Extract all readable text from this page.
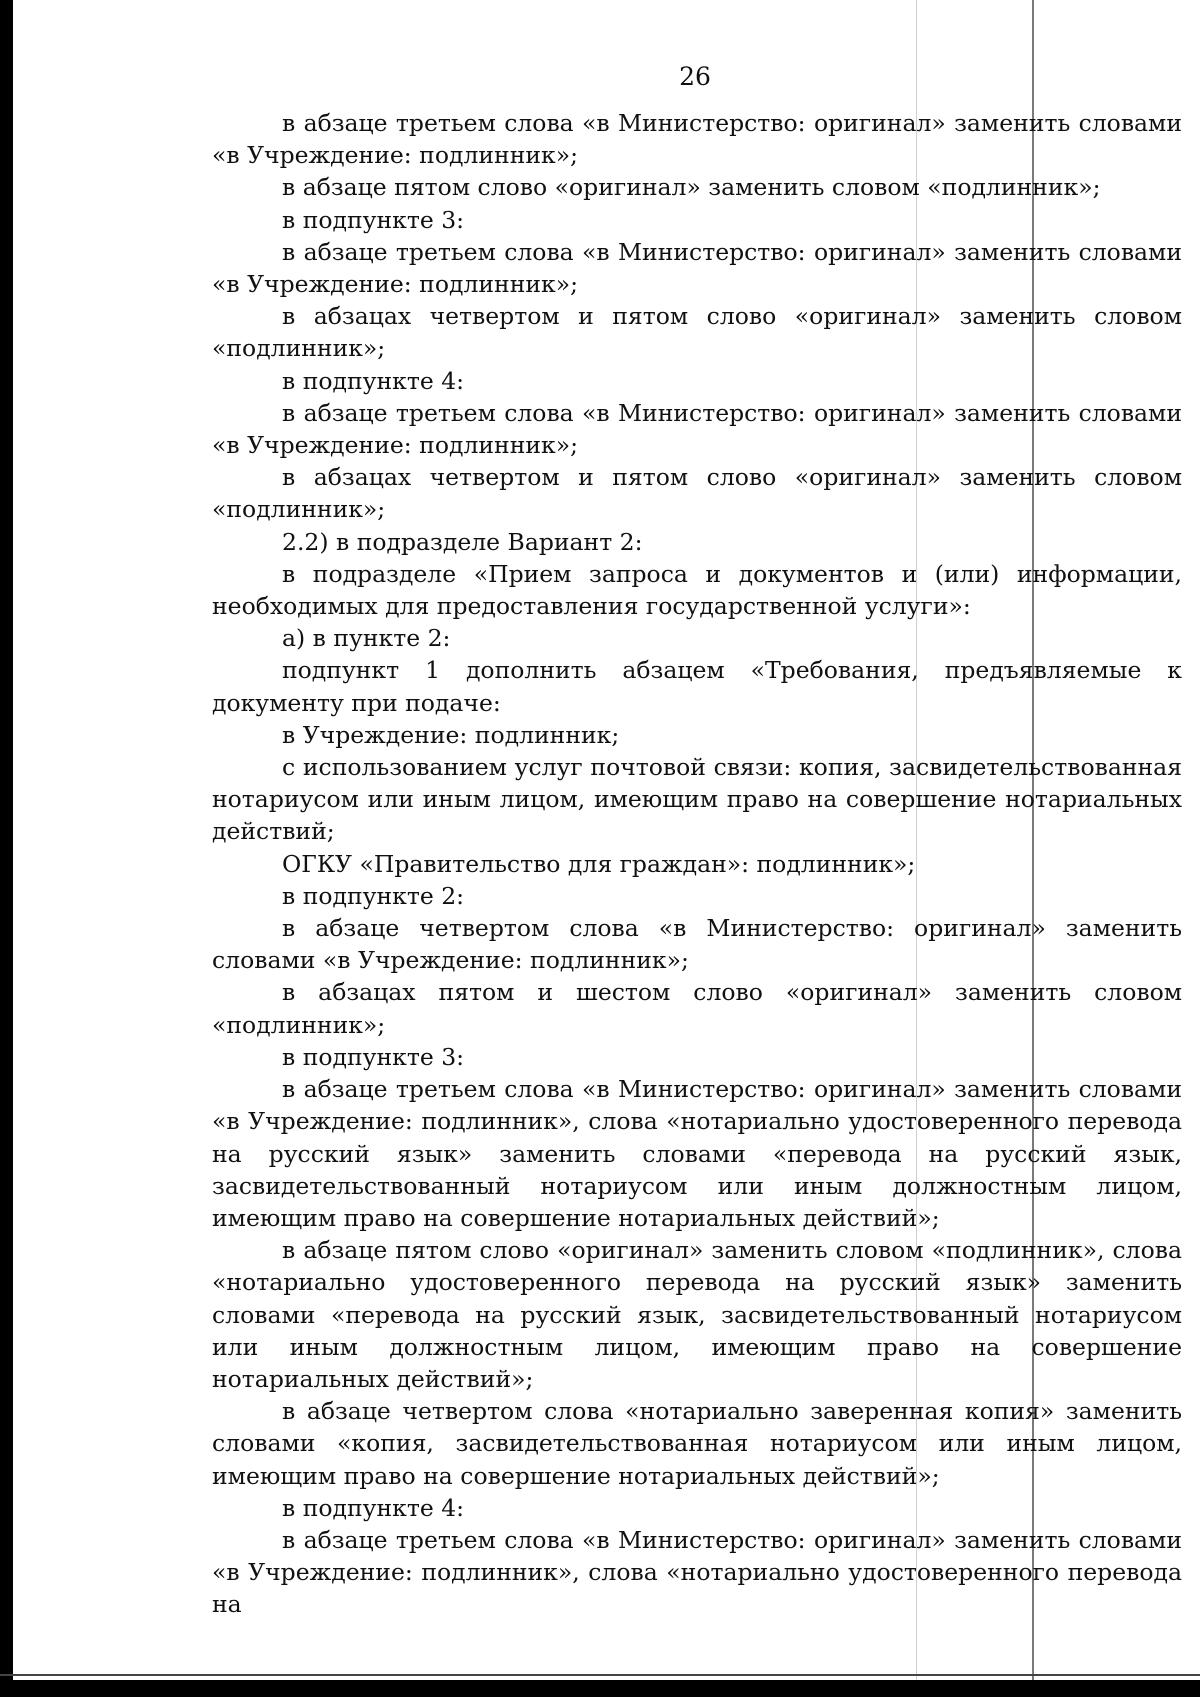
26

в абзаце третьем слова «в Министерство: оригинал» заменить словами «в Учреждение: подлинник»;

в абзаце пятом слово «оригинал» заменить словом «подлинник»;

в подпункте 3:

в абзаце третьем слова «в Министерство: оригинал» заменить словами «в Учреждение: подлинник»;

в абзацах четвертом и пятом слово «оригинал» заменить словом «подлинник»;

в подпункте 4:

в абзаце третьем слова «в Министерство: оригинал» заменить словами «в Учреждение: подлинник»;

в абзацах четвертом и пятом слово «оригинал» заменить словом «подлинник»;

2.2) в подразделе Вариант 2:

в подразделе «Прием запроса и документов и (или) информации, необходимых для предоставления государственной услуги»:

а) в пункте 2:

подпункт 1 дополнить абзацем «Требования, предъявляемые к документу при подаче:

в Учреждение: подлинник;

с использованием услуг почтовой связи: копия, засвидетельствованная нотариусом или иным лицом, имеющим право на совершение нотариальных действий;

ОГКУ «Правительство для граждан»: подлинник»;

в подпункте 2:

в абзаце четвертом слова «в Министерство: оригинал» заменить словами «в Учреждение: подлинник»;

в абзацах пятом и шестом слово «оригинал» заменить словом «подлинник»;

в подпункте 3:

в абзаце третьем слова «в Министерство: оригинал» заменить словами «в Учреждение: подлинник», слова «нотариально удостоверенного перевода на русский язык» заменить словами «перевода на русский язык, засвидетельствованный нотариусом или иным должностным лицом, имеющим право на совершение нотариальных действий»;

в абзаце пятом слово «оригинал» заменить словом «подлинник», слова «нотариально удостоверенного перевода на русский язык» заменить словами «перевода на русский язык, засвидетельствованный нотариусом или иным должностным лицом, имеющим право на совершение нотариальных действий»;

в абзаце четвертом слова «нотариально заверенная копия» заменить словами «копия, засвидетельствованная нотариусом или иным лицом, имеющим право на совершение нотариальных действий»;

в подпункте 4:

в абзаце третьем слова «в Министерство: оригинал» заменить словами «в Учреждение: подлинник», слова «нотариально удостоверенного перевода на
